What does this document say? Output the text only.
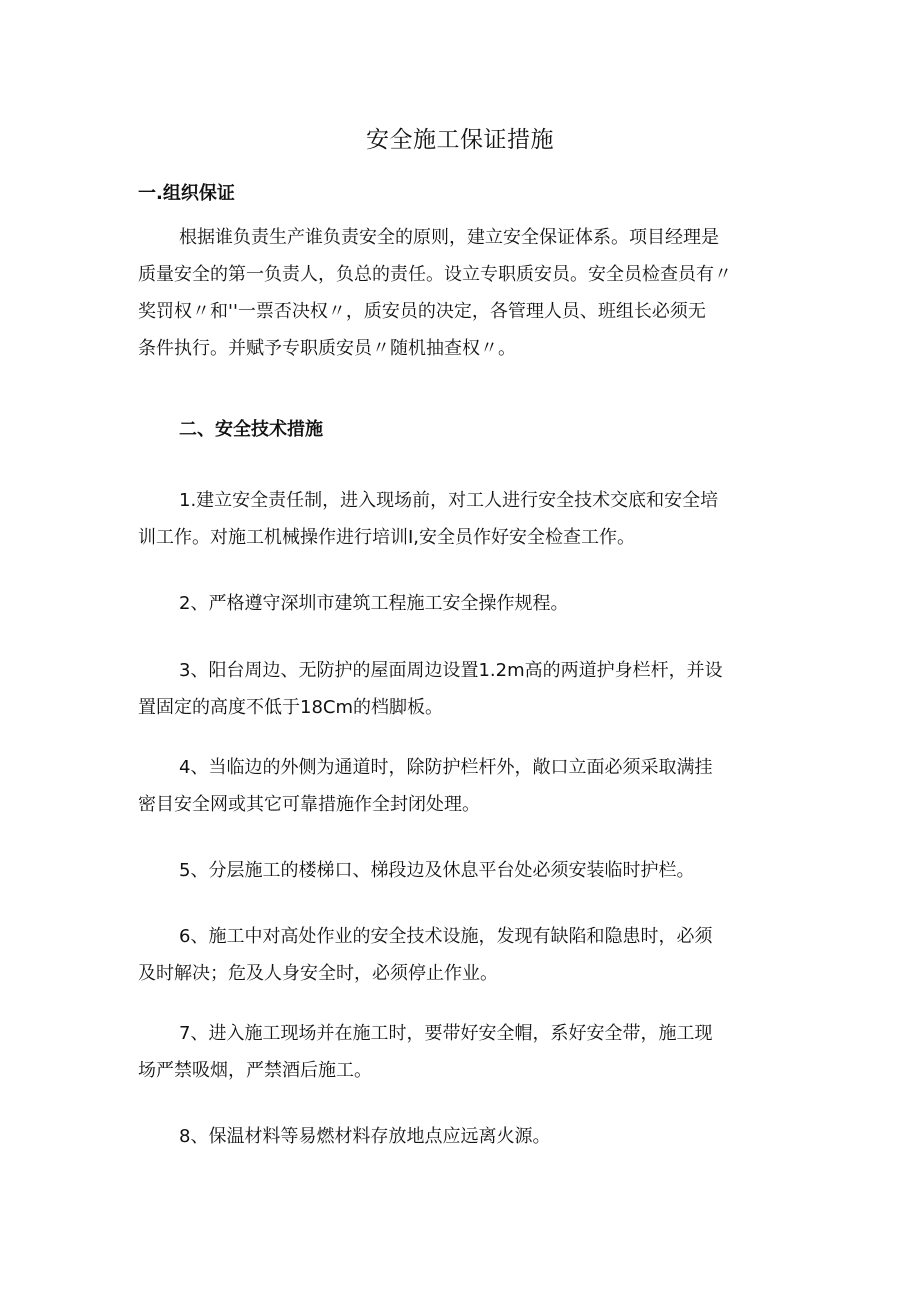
安全施工保证措施
一.组织保证
根据谁负责生产谁负责安全的原则，建立安全保证体系。项目经理是
质量安全的第一负责人，负总的责任。设立专职质安员。安全员检查员有〃
奖罚权〃和''一票否决权〃，质安员的决定，各管理人员、班组长必须无
条件执行。并赋予专职质安员〃随机抽查权〃。
二、安全技术措施
1.建立安全责任制，进入现场前，对工人进行安全技术交底和安全培
训工作。对施工机械操作进行培训I,安全员作好安全检查工作。
2、严格遵守深圳市建筑工程施工安全操作规程。
3、阳台周边、无防护的屋面周边设置1.2m高的两道护身栏杆，并设
置固定的高度不低于18Cm的档脚板。
4、当临边的外侧为通道时，除防护栏杆外，敞口立面必须采取满挂
密目安全网或其它可靠措施作全封闭处理。
5、分层施工的楼梯口、梯段边及休息平台处必须安装临时护栏。
6、施工中对高处作业的安全技术设施，发现有缺陷和隐患时，必须
及时解决；危及人身安全时，必须停止作业。
7、进入施工现场并在施工时，要带好安全帽，系好安全带，施工现
场严禁吸烟，严禁酒后施工。
8、保温材料等易燃材料存放地点应远离火源。
